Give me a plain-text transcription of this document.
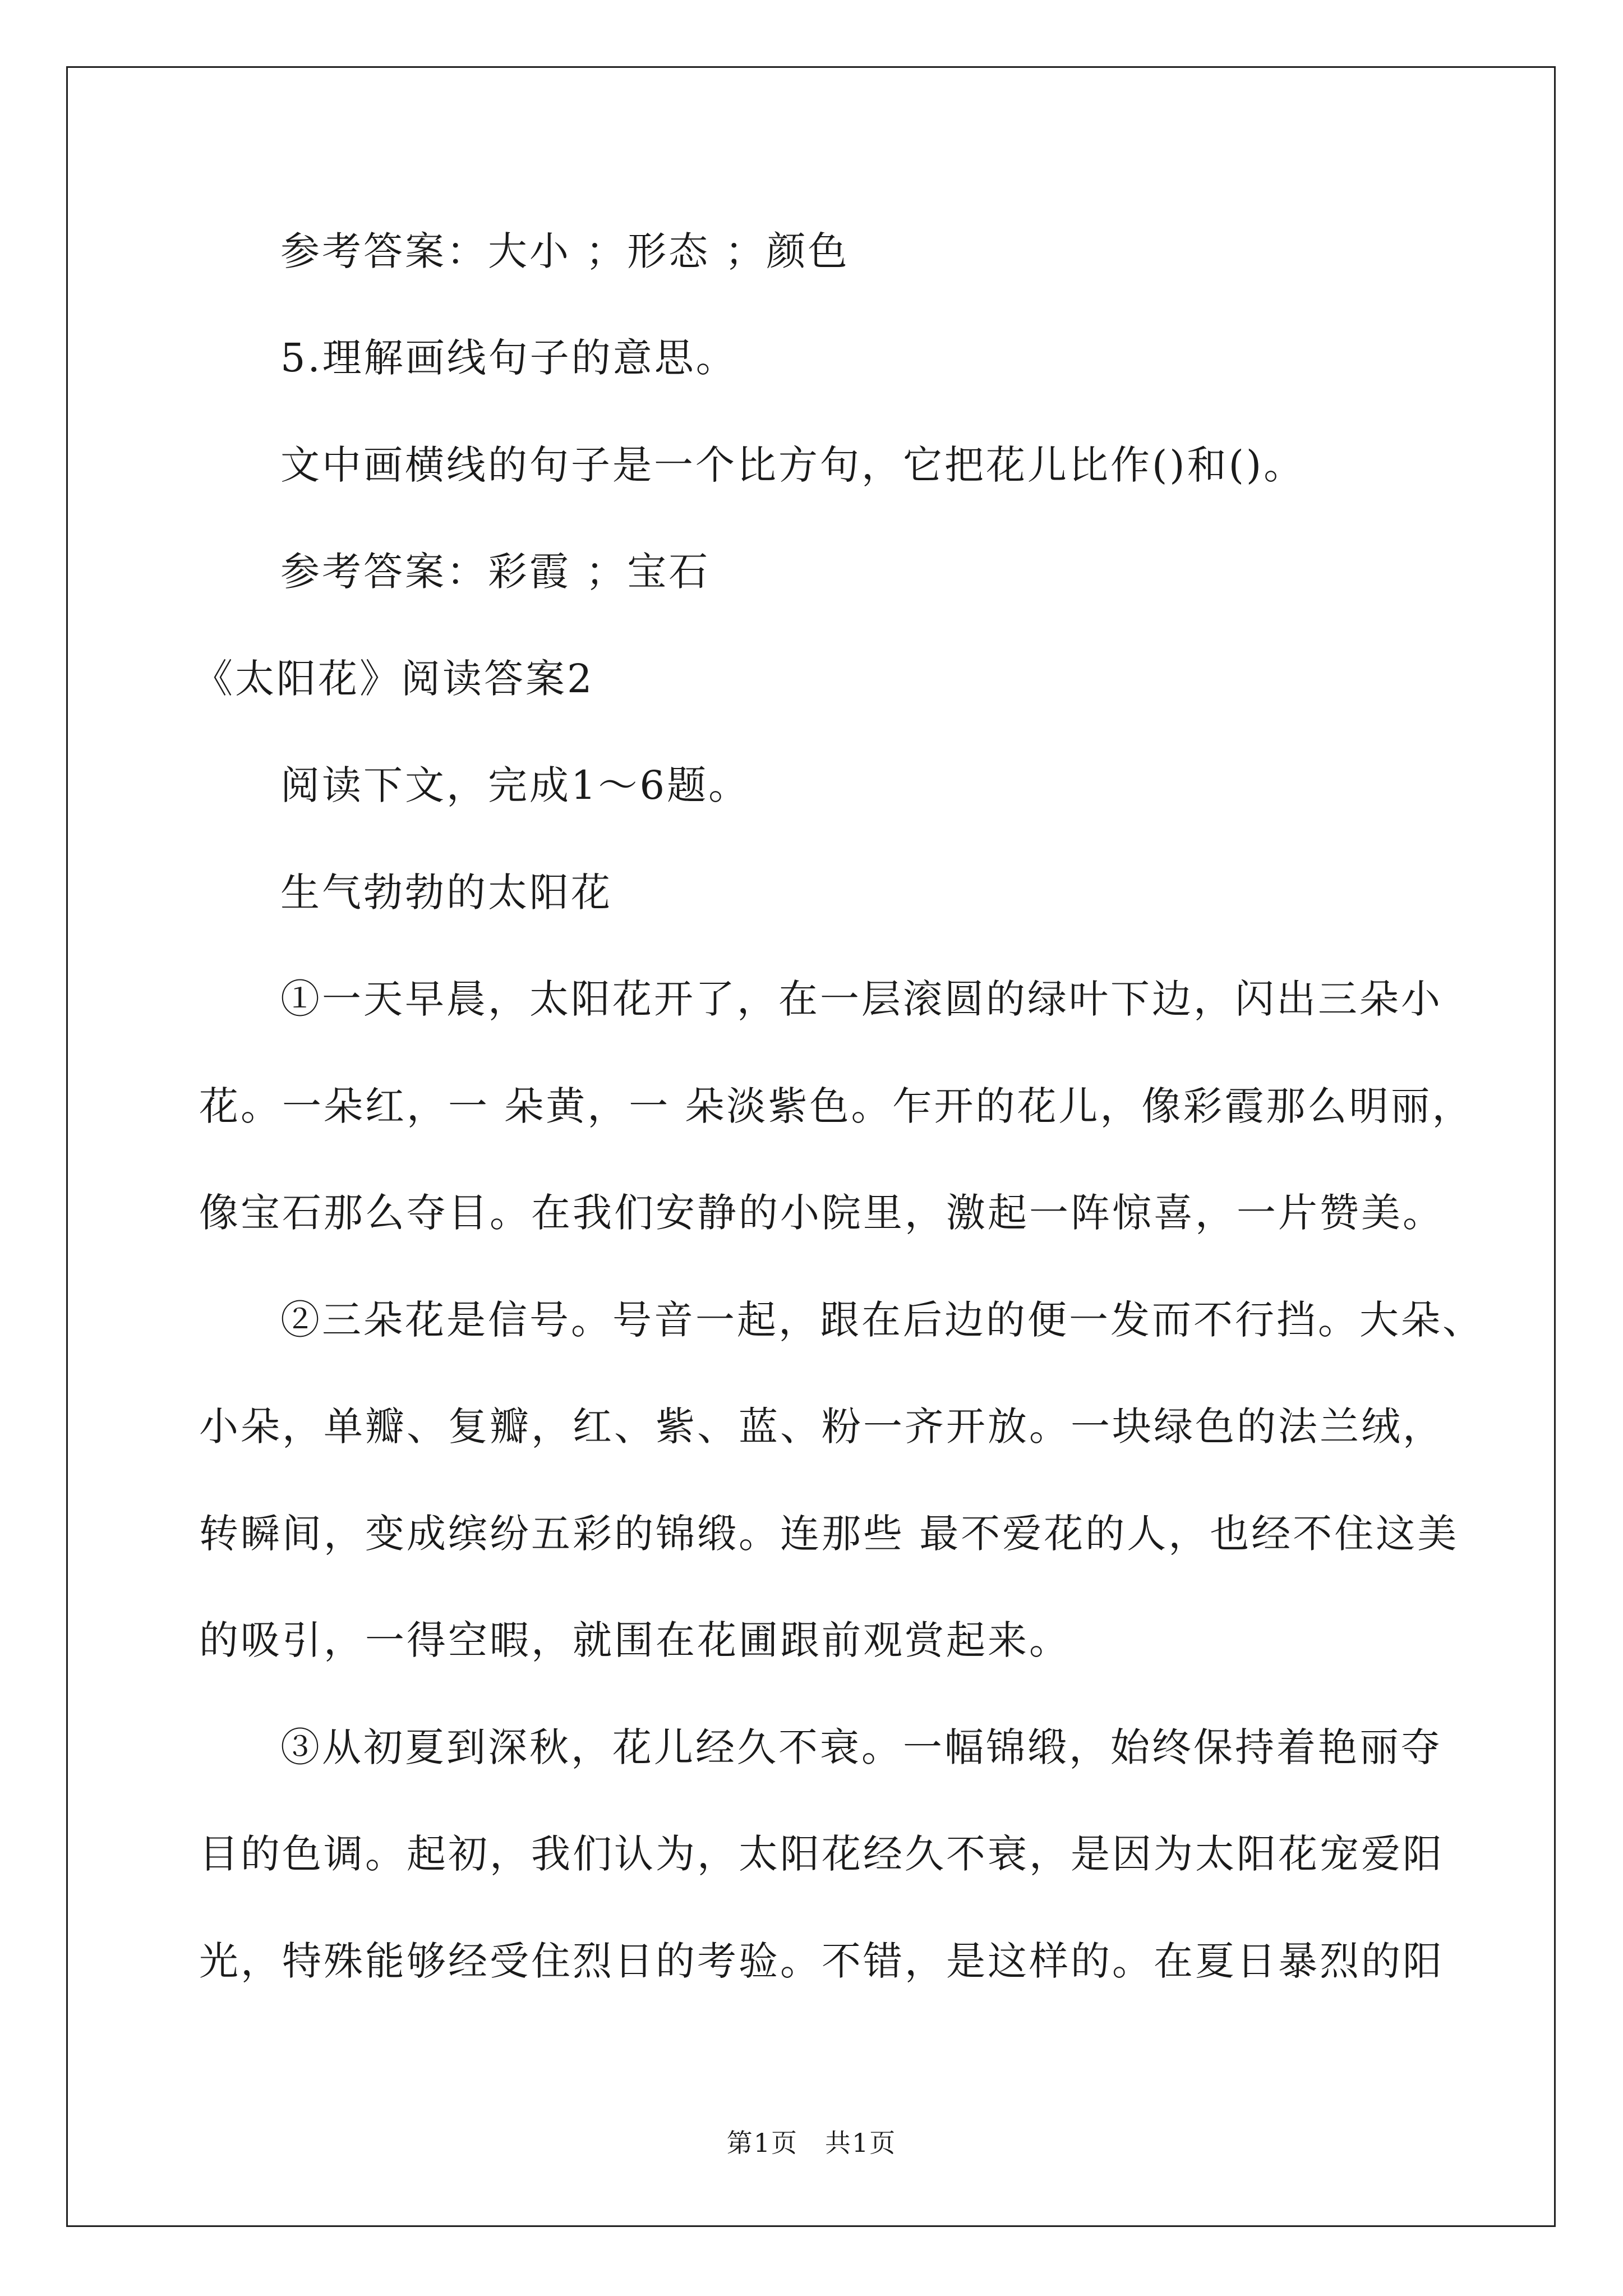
参考答案：大小 ；形态 ；颜色
5.理解画线句子的意思。
文中画横线的句子是一个比方句，它把花儿比作()和()。
参考答案：彩霞 ；宝石
《太阳花》阅读答案2
阅读下文，完成1～6题。
生气勃勃的太阳花
①一天早晨，太阳花开了，在一层滚圆的绿叶下边，闪出三朵小
花。一朵红，一 朵黄，一 朵淡紫色。乍开的花儿，像彩霞那么明丽，
像宝石那么夺目。在我们安静的小院里，激起一阵惊喜，一片赞美。
②三朵花是信号。号音一起，跟在后边的便一发而不行挡。大朵、
小朵，单瓣、复瓣，红、紫、蓝、粉一齐开放。一块绿色的法兰绒，
转瞬间，变成缤纷五彩的锦缎。连那些 最不爱花的人，也经不住这美
的吸引，一得空暇，就围在花圃跟前观赏起来。
③从初夏到深秋，花儿经久不衰。一幅锦缎，始终保持着艳丽夺
目的色调。起初，我们认为，太阳花经久不衰，是因为太阳花宠爱阳
光，特殊能够经受住烈日的考验。不错，是这样的。在夏日暴烈的阳
第1页　共1页
